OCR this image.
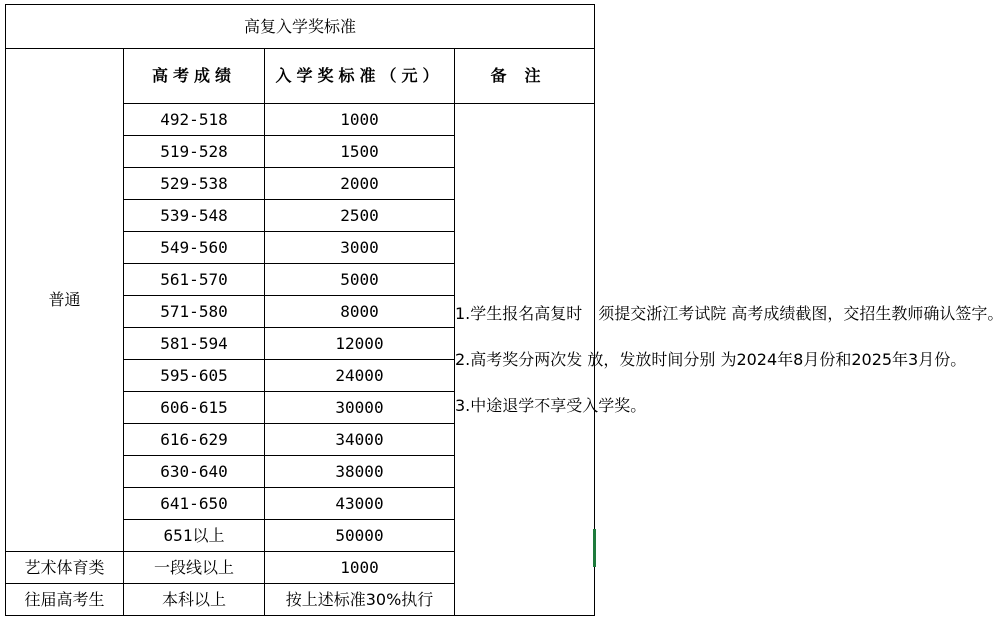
高复入学奖标准				
普通	高考成绩	入学奖标准（元）	备注	
	492-518	1000	1.学生报名高复时　须提交浙江考试院 高考成绩截图，交招生教师确认签字。

2.高考奖分两次发 放，发放时间分别 为2024年8月份和2025年3月份。

3.中途退学不享受入学奖。	

	519-528	1500		
	529-538	2000		
	539-548	2500		
	549-560	3000		
	561-570	5000		
	571-580	8000		
	581-594	12000		
	595-605	24000		
	606-615	30000		
	616-629	34000		
	630-640	38000		
	641-650	43000		
	651以上	50000		
艺术体育类	一段线以上	1000		
往届高考生	本科以上	按上述标准30%执行		
